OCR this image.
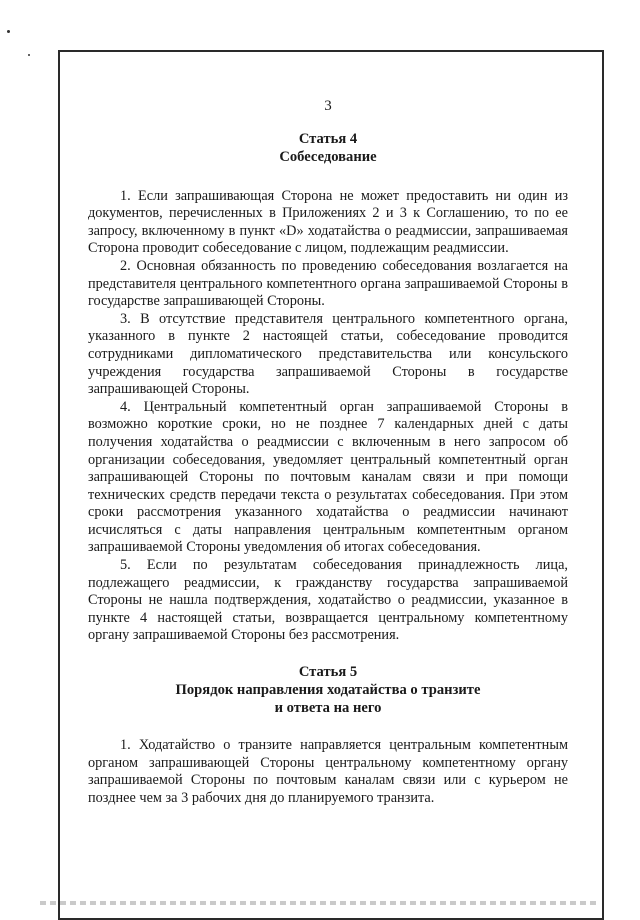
3

Статья 4

Собеседование

1. Если запрашивающая Сторона не может предоставить ни один из документов, перечисленных в Приложениях 2 и 3 к Соглашению, то по ее запросу, включенному в пункт «D» ходатайства о реадмиссии, запрашиваемая Сторона проводит собеседование с лицом, подлежащим реадмиссии.

2. Основная обязанность по проведению собеседования возлагается на представителя центрального компетентного органа запрашиваемой Стороны в государстве запрашивающей Стороны.

3. В отсутствие представителя центрального компетентного органа, указанного в пункте 2 настоящей статьи, собеседование проводится сотрудниками дипломатического представительства или консульского учреждения государства запрашиваемой Стороны в государстве запрашивающей Стороны.

4. Центральный компетентный орган запрашиваемой Стороны в возможно короткие сроки, но не позднее 7 календарных дней с даты получения ходатайства о реадмиссии с включенным в него запросом об организации собеседования, уведомляет центральный компетентный орган запрашивающей Стороны по почтовым каналам связи и при помощи технических средств передачи текста о результатах собеседования. При этом сроки рассмотрения указанного ходатайства о реадмиссии начинают исчисляться с даты направления центральным компетентным органом запрашиваемой Стороны уведомления об итогах собеседования.

5. Если по результатам собеседования принадлежность лица, подлежащего реадмиссии, к гражданству государства запрашиваемой Стороны не нашла подтверждения, ходатайство о реадмиссии, указанное в пункте 4 настоящей статьи, возвращается центральному компетентному органу запрашиваемой Стороны без рассмотрения.

Статья 5

Порядок направления ходатайства о транзите

и ответа на него

1. Ходатайство о транзите направляется центральным компетентным органом запрашивающей Стороны центральному компетентному органу запрашиваемой Стороны по почтовым каналам связи или с курьером не позднее чем за 3 рабочих дня до планируемого транзита.
